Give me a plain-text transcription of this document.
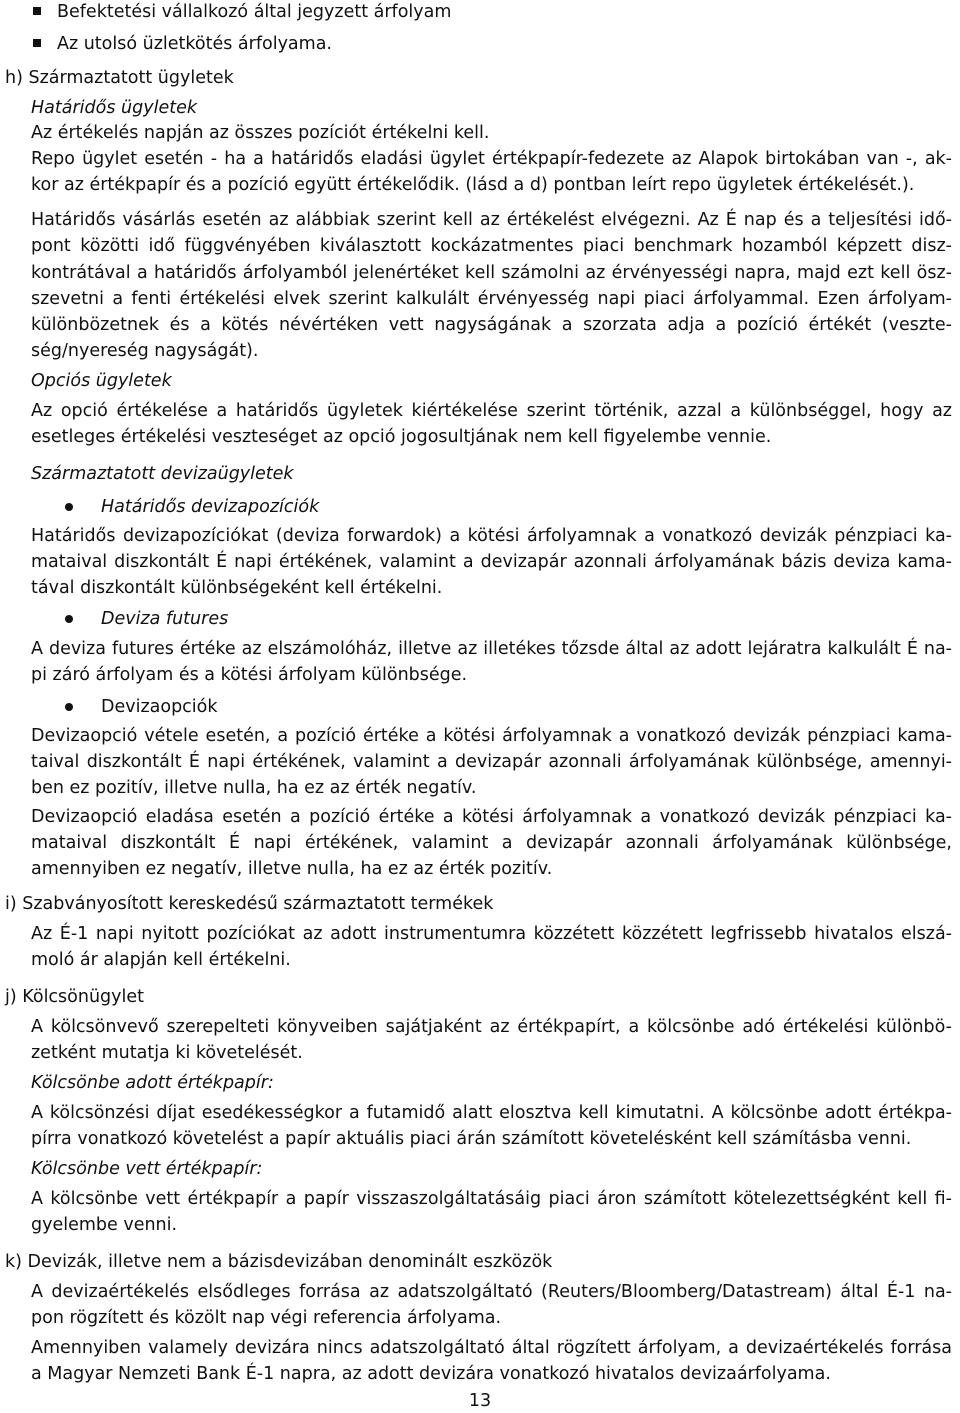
Befektetési vállalkozó által jegyzett árfolyam
Az utolsó üzletkötés árfolyama.
h) Származtatott ügyletek
Határidős ügyletek
Az értékelés napján az összes pozíciót értékelni kell.
Repo ügylet esetén - ha a határidős eladási ügylet értékpapír-fedezete az Alapok birtokában van -, ak-
kor az értékpapír és a pozíció együtt értékelődik. (lásd a d) pontban leírt repo ügyletek értékelését.).
Határidős vásárlás esetén az alábbiak szerint kell az értékelést elvégezni. Az É nap és a teljesítési idő-
pont közötti idő függvényében kiválasztott kockázatmentes piaci benchmark hozamból képzett disz-
kontrátával a határidős árfolyamból jelenértéket kell számolni az érvényességi napra, majd ezt kell ösz-
szevetni a fenti értékelési elvek szerint kalkulált érvényesség napi piaci árfolyammal. Ezen árfolyam-
különbözetnek és a kötés névértéken vett nagyságának a szorzata adja a pozíció értékét (veszte-
ség/nyereség nagyságát).
Opciós ügyletek
Az opció értékelése a határidős ügyletek kiértékelése szerint történik, azzal a különbséggel, hogy az
esetleges értékelési veszteséget az opció jogosultjának nem kell figyelembe vennie.
Származtatott devizaügyletek
Határidős devizapozíciók
Határidős devizapozíciókat (deviza forwardok) a kötési árfolyamnak a vonatkozó devizák pénzpiaci ka-
mataival diszkontált É napi értékének, valamint a devizapár azonnali árfolyamának bázis deviza kama-
tával diszkontált különbségeként kell értékelni.
Deviza futures
A deviza futures értéke az elszámolóház, illetve az illetékes tőzsde által az adott lejáratra kalkulált É na-
pi záró árfolyam és a kötési árfolyam különbsége.
Devizaopciók
Devizaopció vétele esetén, a pozíció értéke a kötési árfolyamnak a vonatkozó devizák pénzpiaci kama-
taival diszkontált É napi értékének, valamint a devizapár azonnali árfolyamának különbsége, amennyi-
ben ez pozitív, illetve nulla, ha ez az érték negatív.
Devizaopció eladása esetén a pozíció értéke a kötési árfolyamnak a vonatkozó devizák pénzpiaci ka-
mataival diszkontált É napi értékének, valamint a devizapár azonnali árfolyamának különbsége,
amennyiben ez negatív, illetve nulla, ha ez az érték pozitív.
i) Szabványosított kereskedésű származtatott termékek
Az É-1 napi nyitott pozíciókat az adott instrumentumra közzétett közzétett legfrissebb hivatalos elszá-
moló ár alapján kell értékelni.
j) Kölcsönügylet
A kölcsönvevő szerepelteti könyveiben sajátjaként az értékpapírt, a kölcsönbe adó értékelési különbö-
zetként mutatja ki követelését.
Kölcsönbe adott értékpapír:
A kölcsönzési díjat esedékességkor a futamidő alatt elosztva kell kimutatni. A kölcsönbe adott értékpa-
pírra vonatkozó követelést a papír aktuális piaci árán számított követelésként kell számításba venni.
Kölcsönbe vett értékpapír:
A kölcsönbe vett értékpapír a papír visszaszolgáltatásáig piaci áron számított kötelezettségként kell fi-
gyelembe venni.
k) Devizák, illetve nem a bázisdevizában denominált eszközök
A devizaértékelés elsődleges forrása az adatszolgáltató (Reuters/Bloomberg/Datastream) által É-1 na-
pon rögzített és közölt nap végi referencia árfolyama.
Amennyiben valamely devizára nincs adatszolgáltató által rögzített árfolyam, a devizaértékelés forrása
a Magyar Nemzeti Bank É-1 napra, az adott devizára vonatkozó hivatalos devizaárfolyama.
13
